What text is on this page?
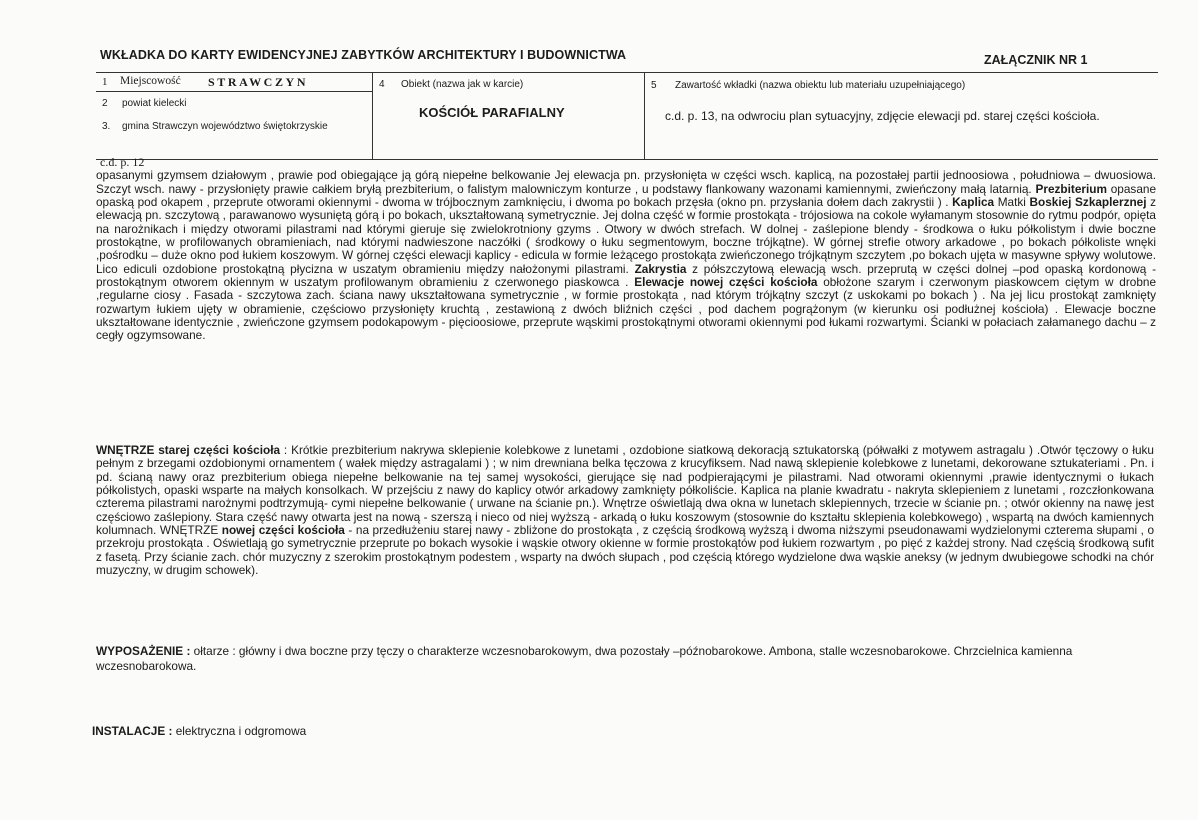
WKŁADKA DO KARTY EWIDENCYJNEJ ZABYTKÓW ARCHITEKTURY I BUDOWNICTWA	ZAŁĄCZNIK NR 1
1 Miejscowość STRAWCZYN
2 powiat kielecki
3. gmina Strawczyn województwo świętokrzyskie
4 Obiekt (nazwa jak w karcie)
KOŚCIÓŁ PARAFIALNY
5 Zawartość wkładki (nazwa obiektu lub materiału uzupełniającego)
c.d. p. 13, na odwrociu plan sytuacyjny, zdjęcie elewacji pd. starej części kościoła.
c.d. p. 12
opasanymi gzymsem działowym , prawie pod obiegające ją górą niepełne belkowanie Jej elewacja pn. przysłonięta w części wsch. kaplicą, na pozostałej partii jednoosiowa , południowa – dwuosiowa. Szczyt wsch. nawy - przysłonięty prawie całkiem bryłą prezbiterium, o falistym malowniczym konturze , u podstawy flankowany wazonami kamiennymi, zwieńczony małą latarnią. Prezbiterium opasane opaską pod okapem , przeprute otworami okiennymi - dwoma w trójbocznym zamknięciu, i dwoma po bokach przęsła (okno pn. przysłania dołem dach zakrystii ) . Kaplica Matki Boskiej Szkaplerznej z elewacją pn. szczytową , parawanowo wysuniętą górą i po bokach, ukształtowaną symetrycznie. Jej dolna część w formie prostokąta - trójosiowa na cokole wyłamanym stosownie do rytmu podpór, opięta na narożnikach i między otworami pilastrami nad którymi gieruje się zwielokrotniony gzyms . Otwory w dwóch strefach. W dolnej - zaślepione blendy - środkowa o łuku półkolistym i dwie boczne prostokątne, w profilowanych obramieniach, nad którymi nadwieszone naczółki ( środkowy o łuku segmentowym, boczne trójkątne). W górnej strefie otwory arkadowe , po bokach półkoliste wnęki ,pośrodku – duże okno pod łukiem koszowym. W górnej części elewacji kaplicy - edicula w formie leżącego prostokąta zwieńczonego trójkątnym szczytem ,po bokach ujęta w masywne spływy wolutowe. Lico ediculi ozdobione prostokątną płycizna w uszatym obramieniu między nałożonymi pilastrami. Zakrystia z półszczytową elewacją wsch. przeprutą w części dolnej –pod opaską kordonową - prostokątnym otworem okiennym w uszatym profilowanym obramieniu z czerwonego piaskowca . Elewacje nowej części kościoła obłożone szarym i czerwonym piaskowcem ciętym w drobne ,regularne ciosy . Fasada - szczytowa zach. ściana nawy ukształtowana symetrycznie , w formie prostokąta , nad którym trójkątny szczyt (z uskokami po bokach ) . Na jej licu prostokąt zamknięty rozwartym łukiem ujęty w obramienie, częściowo przysłonięty kruchtą , zestawioną z dwóch bliźnich części , pod dachem pogrążonym (w kierunku osi podłużnej kościoła) . Elewacje boczne ukształtowane identycznie , zwieńczone gzymsem podokapowym - pięcioosiowe, przeprute wąskimi prostokątnymi otworami okiennymi pod łukami rozwartymi. Ścianki w połaciach załamanego dachu – z cegły ogzymsowane.
WNĘTRZE starej części kościoła : Krótkie prezbiterium nakrywa sklepienie kolebkowe z lunetami , ozdobione siatkową dekoracją sztukatorską (półwałki z motywem astragalu ) .Otwór tęczowy o łuku pełnym z brzegami ozdobionymi ornamentem ( wałek między astragalami ) ; w nim drewniana belka tęczowa z krucyfiksem. Nad nawą sklepienie kolebkowe z lunetami, dekorowane sztukateriami . Pn. i pd. ścianą nawy oraz prezbiterium obiega niepełne belkowanie na tej samej wysokości, gierujące się nad podpierającymi je pilastrami. Nad otworami okiennymi ,prawie identycznymi o łukach półkolistych, opaski wsparte na małych konsolkach. W przejściu z nawy do kaplicy otwór arkadowy zamknięty półkoliście. Kaplica na planie kwadratu - nakryta sklepieniem z lunetami , rozczłonkowana czterema pilastrami narożnymi podtrzymują- cymi niepełne belkowanie ( urwane na ścianie pn.). Wnętrze oświetlają dwa okna w lunetach sklepiennych, trzecie w ścianie pn. ; otwór okienny na nawę jest częściowo zaślepiony. Stara część nawy otwarta jest na nową - szerszą i nieco od niej wyższą - arkadą o łuku koszowym (stosownie do kształtu sklepienia kolebkowego) , wspartą na dwóch kamiennych kolumnach. WNĘTRZE nowej części kościoła - na przedłużeniu starej nawy - zbliżone do prostokąta , z częścią środkową wyższą i dwoma niższymi pseudonawami wydzielonymi czterema słupami , o przekroju prostokąta . Oświetlają go symetrycznie przeprute po bokach wysokie i wąskie otwory okienne w formie prostokątów pod łukiem rozwartym , po pięć z każdej strony. Nad częścią środkową sufit z fasetą. Przy ścianie zach. chór muzyczny z szerokim prostokątnym podestem , wsparty na dwóch słupach , pod częścią którego wydzielone dwa wąskie aneksy (w jednym dwubiegowe schodki na chór muzyczny, w drugim schowek).
WYPOSAŻENIE : ołtarze : główny i dwa boczne przy tęczy o charakterze wczesnobarokowym, dwa pozostały –późnobarokowe. Ambona, stalle wczesnobarokowe. Chrzcielnica kamienna wczesnobarokowa.
INSTALACJE : elektryczna i odgromowa
